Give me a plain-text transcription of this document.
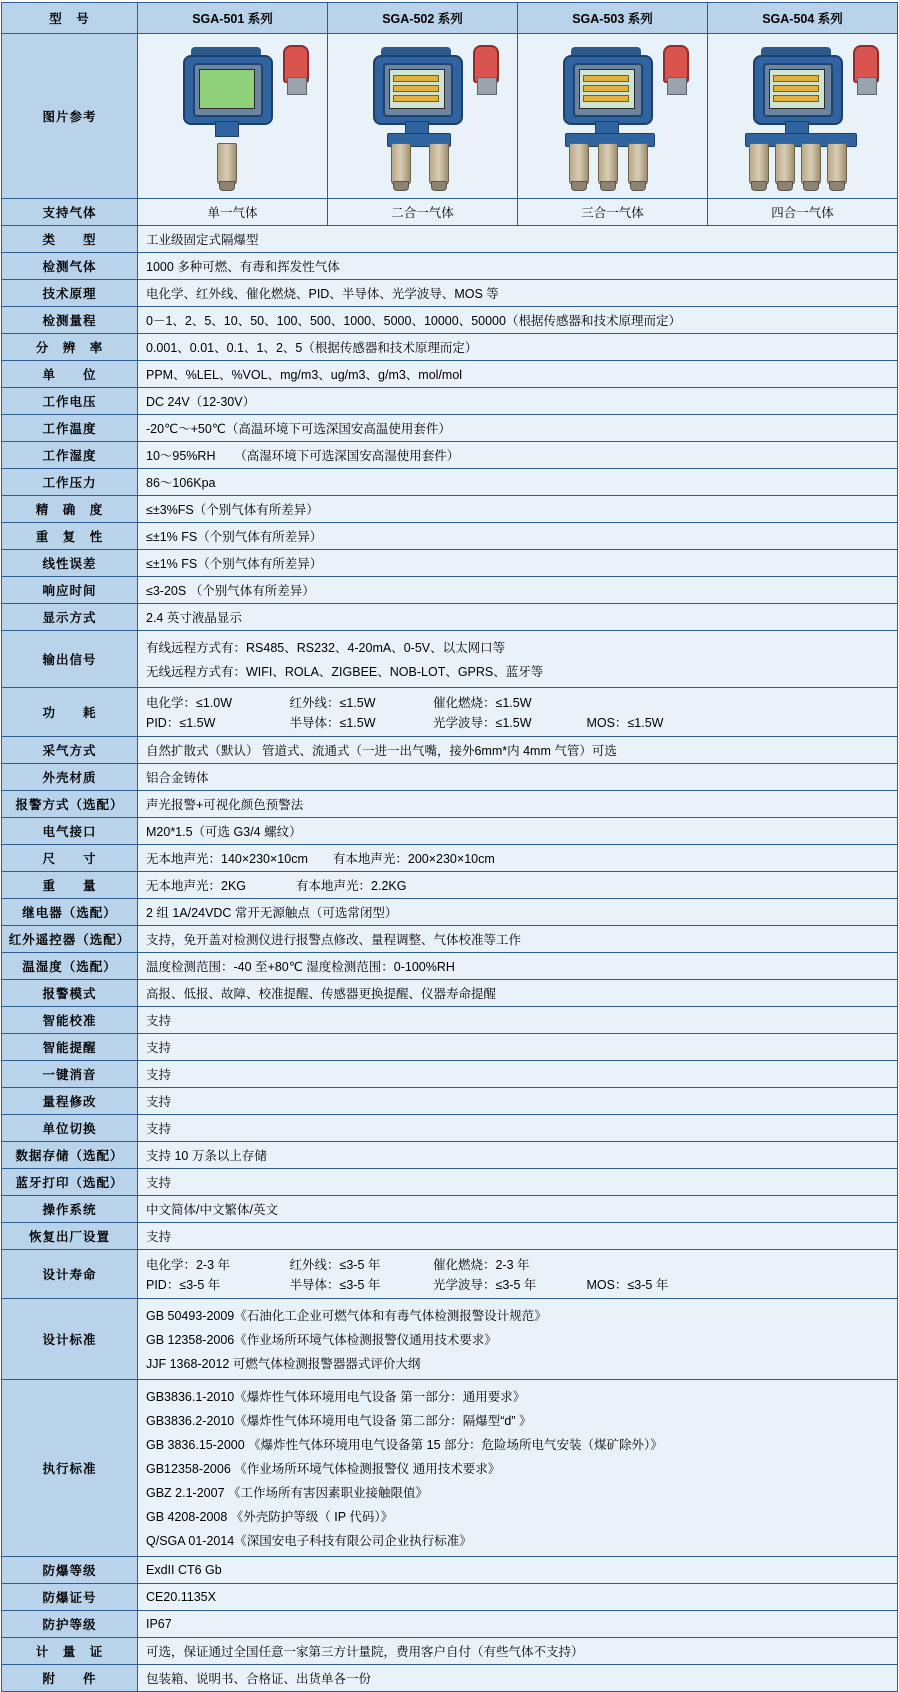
型　号	SGA-501 系列	SGA-502 系列	SGA-503 系列	SGA-504 系列
图片参考	

支持气体	单一气体	二合一气体	三合一气体	四合一气体
类　　型	工业级固定式隔爆型			
检测气体	1000 多种可燃、有毒和挥发性气体			
技术原理	电化学、红外线、催化燃烧、PID、半导体、光学波导、MOS 等			
检测量程	0－1、2、5、10、50、100、500、1000、5000、10000、50000（根据传感器和技术原理而定）			
分　辨　率	0.001、0.01、0.1、1、2、5（根据传感器和技术原理而定）			
单　　位	PPM、%LEL、%VOL、mg/m3、ug/m3、g/m3、mol/mol			
工作电压	DC 24V（12-30V）			
工作温度	-20℃～+50℃（高温环境下可选深国安高温使用套件）			
工作湿度	10～95%RH　　（高湿环境下可选深国安高湿使用套件）			
工作压力	86～106Kpa			
精　确　度	≤±3%FS（个别气体有所差异）			
重　复　性	≤±1% FS（个别气体有所差异）			
线性误差	≤±1% FS（个别气体有所差异）			
响应时间	≤3-20S （个别气体有所差异）			
显示方式	2.4 英寸液晶显示			
输出信号	有线远程方式有：RS485、RS232、4-20mA、0-5V、以太网口等
无线远程方式有：WIFI、ROLA、ZIGBEE、NOB-LOT、GPRS、蓝牙等			

功　　耗	电化学：≤1.0W 红外线：≤1.5W 催化燃烧：≤1.5W
PID：≤1.5W 半导体：≤1.5W 光学波导：≤1.5W MOS：≤1.5W			

采气方式	自然扩散式（默认） 管道式、流通式（一进一出气嘴，接外6mm*内 4mm 气管）可选			
外壳材质	铝合金铸体			
报警方式（选配）	声光报警+可视化颜色预警法			
电气接口	M20*1.5（可选 G3/4 螺纹）			
尺　　寸	无本地声光：140×230×10cm　　有本地声光：200×230×10cm			
重　　量	无本地声光：2KG　　　　有本地声光：2.2KG			
继电器（选配）	2 组 1A/24VDC 常开无源触点（可选常闭型）			
红外遥控器（选配）	支持，免开盖对检测仪进行报警点修改、量程调整、气体校准等工作			
温湿度（选配）	温度检测范围：-40 至+80℃ 湿度检测范围：0-100%RH			
报警模式	高报、低报、故障、校准提醒、传感器更换提醒、仪器寿命提醒			
智能校准	支持			
智能提醒	支持			
一键消音	支持			
量程修改	支持			
单位切换	支持			
数据存储（选配）	支持 10 万条以上存储			
蓝牙打印（选配）	支持			
操作系统	中文简体/中文繁体/英文			
恢复出厂设置	支持			
设计寿命	电化学：2-3 年 红外线：≤3-5 年 催化燃烧：2-3 年
PID：≤3-5 年 半导体：≤3-5 年 光学波导：≤3-5 年 MOS：≤3-5 年			

设计标准	GB 50493-2009《石油化工企业可燃气体和有毒气体检测报警设计规范》
GB 12358-2006《作业场所环境气体检测报警仪通用技术要求》
JJF 1368-2012 可燃气体检测报警器器式评价大纲			

执行标准	
GB3836.1-2010《爆炸性气体环境用电气设备 第一部分：通用要求》
GB3836.2-2010《爆炸性气体环境用电气设备 第二部分：隔爆型“d” 》
GB 3836.15-2000 《爆炸性气体环境用电气设备第 15 部分：危险场所电气安装（煤矿除外）》
GB12358-2006 《作业场所环境气体检测报警仪 通用技术要求》
GBZ 2.1-2007 《工作场所有害因素职业接触限值》
GB 4208-2008 《外壳防护等级（ IP 代码）》
Q/SGA 01-2014《深国安电子科技有限公司企业执行标准》

防爆等级	ExdII CT6 Gb			
防爆证号	CE20.1135X			
防护等级	IP67			
计　量　证	可选，保证通过全国任意一家第三方计量院，费用客户自付（有些气体不支持）			
附　　件	包装箱、说明书、合格证、出货单各一份			
